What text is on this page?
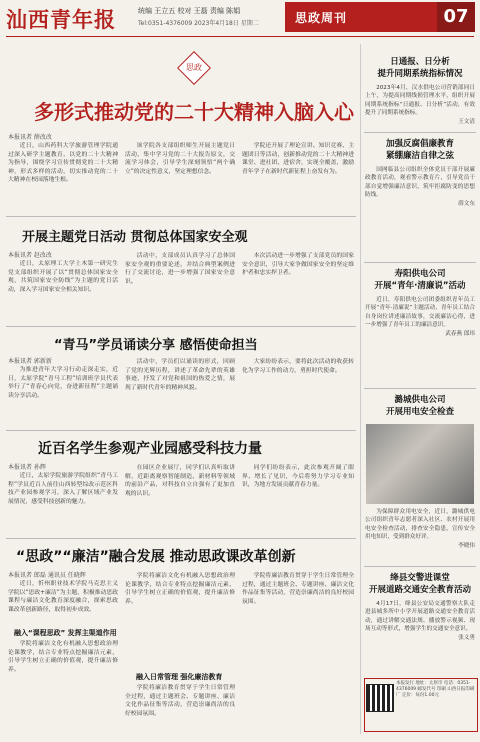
汕西青年报	统编 王立五 校对 王磊 责编 陈娟
Tel:0351-4376009 2023年4月18日 星期二	思政周刊	07
思政
多形式推动党的二十大精神入脑入心
本报讯者 薛改改

近日，山西药科大学旅游管理学院通过深入研学主题教育，以党的二十大精神为指导，围绕学习宣传贯彻党的二十大精神，形式多样的活动，切实推动党的二十大精神在校园落地生根。

该学院各支部组织师生开展主题党日活动，集中学习党的二十大报告原文，交流学习体会，引导学生深刻领悟“两个确立”的决定性意义，坚定理想信念。

学院还开展了理论宣讲、知识竞赛、主题团日等活动，创新推动党的二十大精神进课堂、进社团、进宿舍，实现全覆盖，激励青年学子在新时代新征程上奋发有为。

开展主题党日活动 贯彻总体国家安全观
本报讯者 赵改改

近日，太原理工大学土木第一研究生党支部组织开展了以“贯彻总体国家安全观，共筑国家安全防线”为主题的党日活动，深入学习国家安全相关知识。

活动中，支部成员认真学习了总体国家安全观的重要论述，并结合典型案例进行了交流讨论，进一步增强了国家安全意识。

本次活动进一步增强了支部党员的国家安全意识，引导大家争做国家安全的坚定维护者和忠实捍卫者。

“青马”学员诵读分享 感悟使命担当
本报讯者 郭新新

为推进青年大学习行动走深走实，近日，太原学院“青马工程”培训班学员代表举行了“青春心向党，奋进新征程”主题诵读分享活动。

活动中，学员们以诵读的形式，回顾了党的光辉历程，讲述了革命先辈的英雄事迹，抒发了对党和祖国的热爱之情，展现了新时代青年的精神风貌。

大家纷纷表示，要将此次活动的收获转化为学习工作的动力，勇担时代使命。

近百名学生参观产业园感受科技力量
本报讯者 孙辉

近日，太原学院旅游学院组织“青马工程”学员近百人前往山西转型综改示范区科技产业园参观学习，深入了解区域产业发展情况，感受科技创新的魅力。

在园区企业展厅，同学们认真听取讲解，近距离观察智能制造、新材料等领域的前沿产品，对科技自立自强有了更加直观的认识。

同学们纷纷表示，此次参观开阔了眼界、增长了见识，今后将努力学习专业知识，为地方发展贡献青春力量。

“思政”“廉洁”融合发展 推动思政课改革创新
本报讯者 郎磊 通讯员 任晓辉

近日，忻州职业技术学院马克思主义学院以“思政+廉洁”为主题，积极推动思政课程与廉洁文化教育深度融合，探索思政课改革创新路径，取得初步成效。

融入“课程思政” 发挥主渠道作用

学院将廉洁文化有机融入思想政治理论课教学，结合专业特点挖掘廉洁元素，引导学生树立正确的价值观，提升廉洁修养。

融入日常管理 强化廉洁教育

学院将廉洁文化有机融入思想政治理论课教学，结合专业特点挖掘廉洁元素，引导学生树立正确的价值观，提升廉洁修养。

学院将廉洁教育贯穿于学生日常管理全过程，通过主题班会、专题讲座、廉洁文化作品征集等活动，营造崇廉尚洁的良好校园氛围。

学院将廉洁教育贯穿于学生日常管理全过程，通过主题班会、专题讲座、廉洁文化作品征集等活动，营造崇廉尚洁的良好校园氛围。

日通报、日分析
提升同期系统指标情况

2023年4月，汉水供电公司营销部同日上午，为提高同期线损管理水平，组织开展同期系统指标“日通报、日分析”活动，有效提升了同期系统指标。

王文清
加强反腐倡廉教育
紧绷廉洁自律之弦

国网临县公司组织全体党员干部开展廉政教育活动，观看警示教育片，引导党员干部自觉增强廉洁意识，筑牢拒腐防变的思想防线。

薛文东
寿阳供电公司
开展“青年·清廉说”活动

近日，寿阳供电公司团委组织青年员工开展“青年·清廉说”主题活动，青年员工结合自身岗位讲述廉洁故事，交流廉洁心得，进一步增强了青年员工的廉洁意识。

武春燕 郎玮
潞城供电公司
开展用电安全检查

为保障群众用电安全，近日，潞城供电公司组织青年志愿者深入社区、农村开展用电安全检查活动，排查安全隐患，宣传安全用电知识，受到群众好评。

李晓伟
绛县交警进课堂
开展道路交通安全教育活动

4月17日，绛县公安局交通警察大队走进县城多所中小学开展道路交通安全教育活动，通过讲解交通法规、播放警示视频、现场互动等形式，增强学生的交通安全意识。

张义勇
本报发行 地址：太原市 电话：0351-4376009 邮发代号 印刷 山西日报印刷厂 定价：每份1.00元
